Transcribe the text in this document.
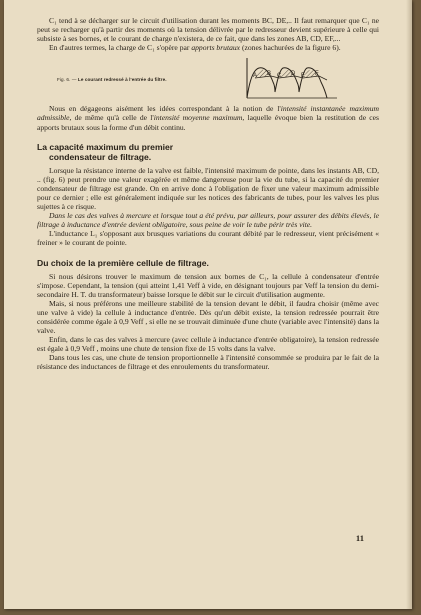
C₁ tend à se décharger sur le circuit d'utilisation durant les moments BC, DE,.. Il faut remarquer que C₁ ne peut se recharger qu'à partir des moments où la tension délivrée par le redresseur devient supérieure à celle qui subsiste à ses bornes, et le courant de charge n'existera, de ce fait, que dans les zones AB, CD, EF,...

En d'autres termes, la charge de C₁ s'opère par apports brutaux (zones hachurées de la figure 6).

Fig. 6. — Le courant redressé à l'entrée du filtre.
A B C D E F

Nous en dégageons aisément les idées correspondant à la notion de l'intensité instantanée maximum admissible, de même qu'à celle de l'intensité moyenne maximum, laquelle évoque bien la restitution de ces apports brutaux sous la forme d'un débit continu.

La capacité maximum du premier
condensateur de filtrage.

Lorsque la résistance interne de la valve est faible, l'intensité maximum de pointe, dans les instants AB, CD, .. (fig. 6) peut prendre une valeur exagérée et même dangereuse pour la vie du tube, si la capacité du premier condensateur de filtrage est grande. On en arrive donc à l'obligation de fixer une valeur maximum admissible pour ce dernier ; elle est généralement indiquée sur les notices des fabricants de tubes, pour les valves les plus sujettes à ce risque.

Dans le cas des valves à mercure et lorsque tout a été prévu, par ailleurs, pour assurer des débits élevés, le filtrage à inductance d'entrée devient obligatoire, sous peine de voir le tube périr très vite.

L'inductance L₁ s'opposant aux brusques variations du courant débité par le redresseur, vient précisément « freiner » le courant de pointe.

Du choix de la première cellule de filtrage.

Si nous désirons trouver le maximum de tension aux bornes de C₁, la cellule à condensateur d'entrée s'impose. Cependant, la tension (qui atteint 1,41 Veff à vide, en désignant toujours par Veff la tension du demi-secondaire H. T. du transformateur) baisse lorsque le débit sur le circuit d'utilisation augmente.

Mais, si nous préférons une meilleure stabilité de la tension devant le débit, il faudra choisir (même avec une valve à vide) la cellule à inductance d'entrée. Dès qu'un débit existe, la tension redressée pourrait être considérée comme égale à 0,9 Veff , si elle ne se trouvait diminuée d'une chute (variable avec l'intensité) dans la valve.

Enfin, dans le cas des valves à mercure (avec cellule à inductance d'entrée obligatoire), la tension redressée est égale à 0,9 Veff , moins une chute de tension fixe de 15 volts dans la valve.

Dans tous les cas, une chute de tension proportionnelle à l'intensité consommée se produira par le fait de la résistance des inductances de filtrage et des enroulements du transformateur.

11
